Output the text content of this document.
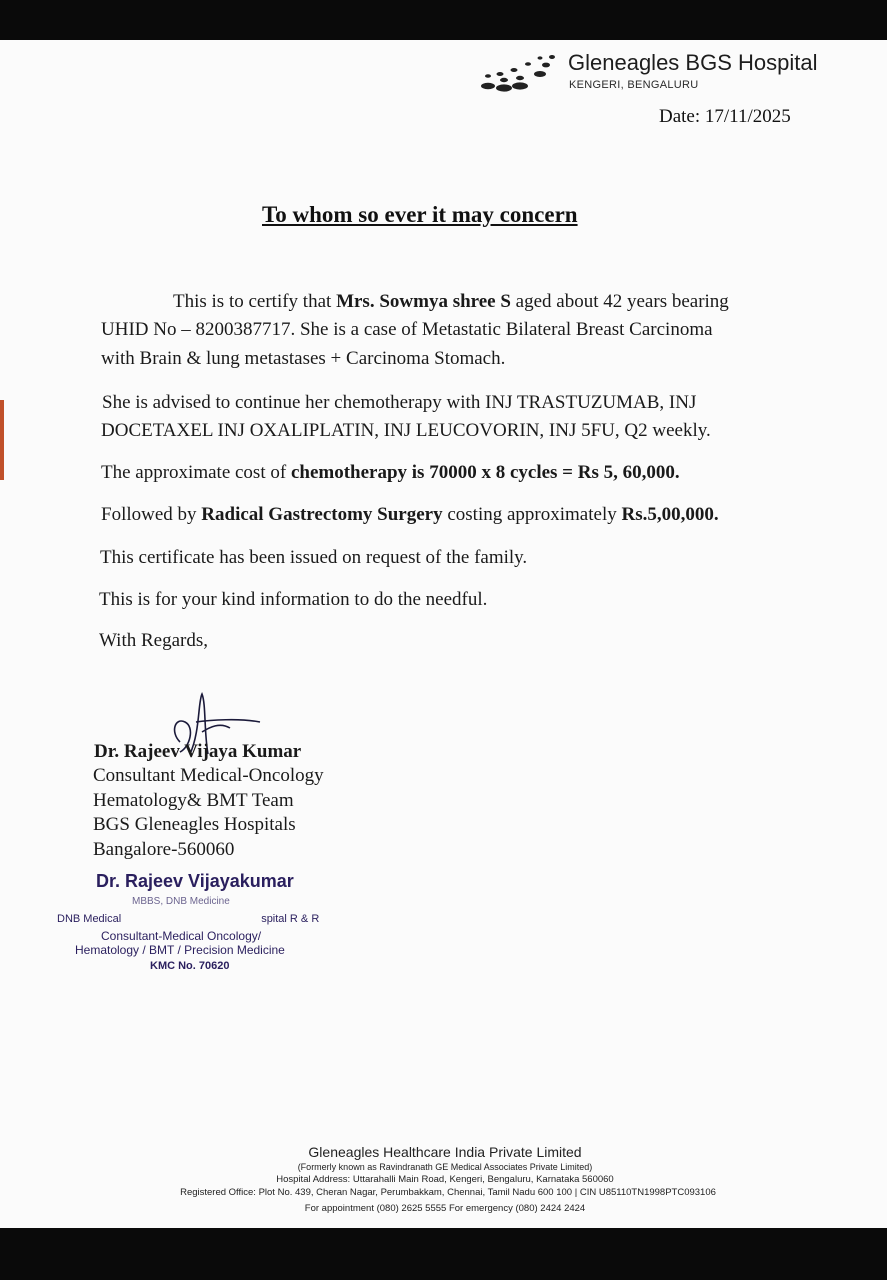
Gleneagles BGS Hospital
KENGERI, BENGALURU
Date: 17/11/2025
To whom so ever it may concern
This is to certify that Mrs. Sowmya shree S aged about 42 years bearing
UHID No – 8200387717. She is a case of Metastatic Bilateral Breast Carcinoma
with Brain & lung metastases + Carcinoma Stomach.
She is advised to continue her chemotherapy with INJ TRASTUZUMAB, INJ
DOCETAXEL INJ OXALIPLATIN, INJ LEUCOVORIN, INJ 5FU, Q2 weekly.
The approximate cost of chemotherapy is 70000 x 8 cycles = Rs 5, 60,000.
Followed by Radical Gastrectomy Surgery costing approximately Rs.5,00,000.
This certificate has been issued on request of the family.
This is for your kind information to do the needful.
With Regards,
Dr. Rajeev Vijaya Kumar
Consultant Medical-Oncology
Hematology& BMT Team
BGS Gleneagles Hospitals
Bangalore-560060
Dr. Rajeev Vijayakumar
MBBS, DNB Medicine
DNB Medical	spital R & R
Consultant-Medical Oncology/
Hematology / BMT / Precision Medicine
KMC No. 70620
Gleneagles Healthcare India Private Limited
(Formerly known as Ravindranath GE Medical Associates Private Limited)
Hospital Address: Uttarahalli Main Road, Kengeri, Bengaluru, Karnataka 560060
Registered Office: Plot No. 439, Cheran Nagar, Perumbakkam, Chennai, Tamil Nadu 600 100 | CIN U85110TN1998PTC093106
For appointment (080) 2625 5555 For emergency (080) 2424 2424
